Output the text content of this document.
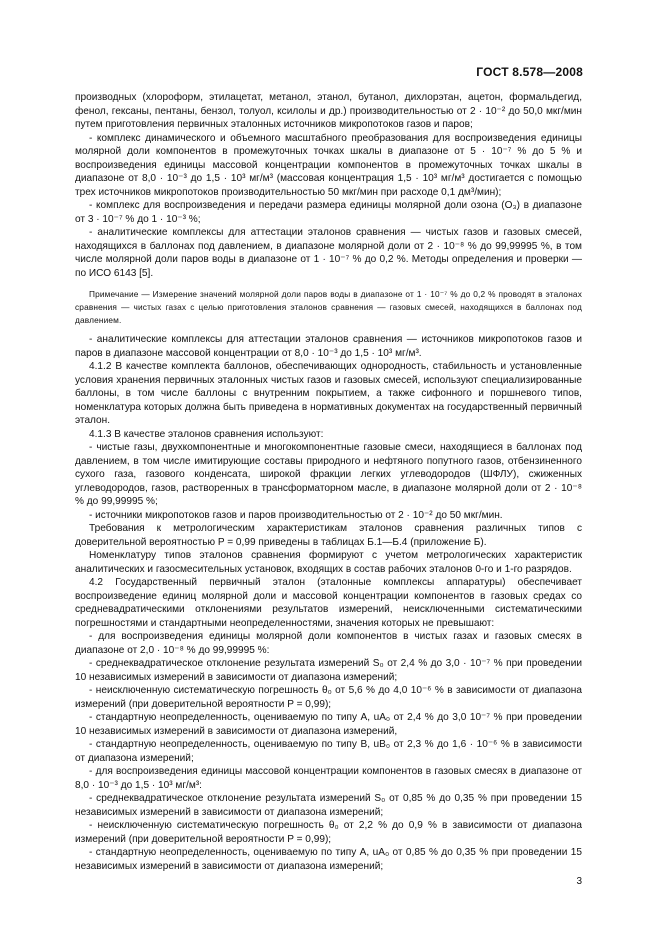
ГОСТ 8.578—2008

производных (хлороформ, этилацетат, метанол, этанол, бутанол, дихлорэтан, ацетон, формальдегид, фенол, гексаны, пентаны, бензол, толуол, ксилолы и др.) производительностью от 2 · 10⁻² до 50,0 мкг/мин путем приготовления первичных эталонных источников микропотоков газов и паров;

- комплекс динамического и объемного масштабного преобразования для воспроизведения единицы молярной доли компонентов в промежуточных точках шкалы в диапазоне от 5 · 10⁻⁷ % до 5 % и воспроизведения единицы массовой концентрации компонентов в промежуточных точках шкалы в диапазоне от 8,0 · 10⁻³ до 1,5 · 10³ мг/м³ (массовая концентрация 1,5 · 10³ мг/м³ достигается с помощью трех источников микропотоков производительностью 50 мкг/мин при расходе 0,1 дм³/мин);

- комплекс для воспроизведения и передачи размера единицы молярной доли озона (O₃) в диапазоне от 3 · 10⁻⁷ % до 1 · 10⁻³ %;

- аналитические комплексы для аттестации эталонов сравнения — чистых газов и газовых смесей, находящихся в баллонах под давлением, в диапазоне молярной доли от 2 · 10⁻⁸ % до 99,99995 %, в том числе молярной доли паров воды в диапазоне от 1 · 10⁻⁷ % до 0,2 %. Методы определения и проверки — по ИСО 6143 [5].

Примечание — Измерение значений молярной доли паров воды в диапазоне от 1 · 10⁻⁷ % до 0,2 % проводят в эталонах сравнения — чистых газах с целью приготовления эталонов сравнения — газовых смесей, находящихся в баллонах под давлением.

- аналитические комплексы для аттестации эталонов сравнения — источников микропотоков газов и паров в диапазоне массовой концентрации от 8,0 · 10⁻³ до 1,5 · 10³ мг/м³.

4.1.2 В качестве комплекта баллонов, обеспечивающих однородность, стабильность и установленные условия хранения первичных эталонных чистых газов и газовых смесей, используют специализированные баллоны, в том числе баллоны с внутренним покрытием, а также сифонного и поршневого типов, номенклатура которых должна быть приведена в нормативных документах на государственный первичный эталон.

4.1.3 В качестве эталонов сравнения используют:

- чистые газы, двухкомпонентные и многокомпонентные газовые смеси, находящиеся в баллонах под давлением, в том числе имитирующие составы природного и нефтяного попутного газов, отбензиненного сухого газа, газового конденсата, широкой фракции легких углеводородов (ШФЛУ), сжиженных углеводородов, газов, растворенных в трансформаторном масле, в диапазоне молярной доли от 2 · 10⁻⁸ % до 99,99995 %;

- источники микропотоков газов и паров производительностью от 2 · 10⁻² до 50 мкг/мин.

Требования к метрологическим характеристикам эталонов сравнения различных типов с доверительной вероятностью P = 0,99 приведены в таблицах Б.1—Б.4 (приложение Б).

Номенклатуру типов эталонов сравнения формируют с учетом метрологических характеристик аналитических и газосмесительных установок, входящих в состав рабочих эталонов 0-го и 1-го разрядов.

4.2 Государственный первичный эталон (эталонные комплексы аппаратуры) обеспечивает воспроизведение единиц молярной доли и массовой концентрации компонентов в газовых средах со средневадратическими отклонениями результатов измерений, неисключенными систематическими погрешностями и стандартными неопределенностями, значения которых не превышают:

- для воспроизведения единицы молярной доли компонентов в чистых газах и газовых смесях в диапазоне от 2,0 · 10⁻⁸ % до 99,99995 %:

- среднеквадратическое отклонение результата измерений S₀ от 2,4 % до 3,0 · 10⁻⁷ % при проведении 10 независимых измерений в зависимости от диапазона измерений;

- неисключенную систематическую погрешность θ₀ от 5,6 % до 4,0 10⁻⁶ % в зависимости от диапазона измерений (при доверительной вероятности P = 0,99);

- стандартную неопределенность, оцениваемую по типу А, uA₀ от 2,4 % до 3,0 10⁻⁷ % при проведении 10 независимых измерений в зависимости от диапазона измерений,

- стандартную неопределенность, оцениваемую по типу В, uB₀ от 2,3 % до 1,6 · 10⁻⁶ % в зависимости от диапазона измерений;

- для воспроизведения единицы массовой концентрации компонентов в газовых смесях в диапазоне от 8,0 · 10⁻³ до 1,5 · 10³ мг/м³:

- среднеквадратическое отклонение результата измерений S₀ от 0,85 % до 0,35 % при проведении 15 независимых измерений в зависимости от диапазона измерений;

- неисключенную систематическую погрешность θ₀ от 2,2 % до 0,9 % в зависимости от диапазона измерений (при доверительной вероятности P = 0,99);

- стандартную неопределенность, оцениваемую по типу А, uA₀ от 0,85 % до 0,35 % при проведении 15 независимых измерений в зависимости от диапазона измерений;

3
